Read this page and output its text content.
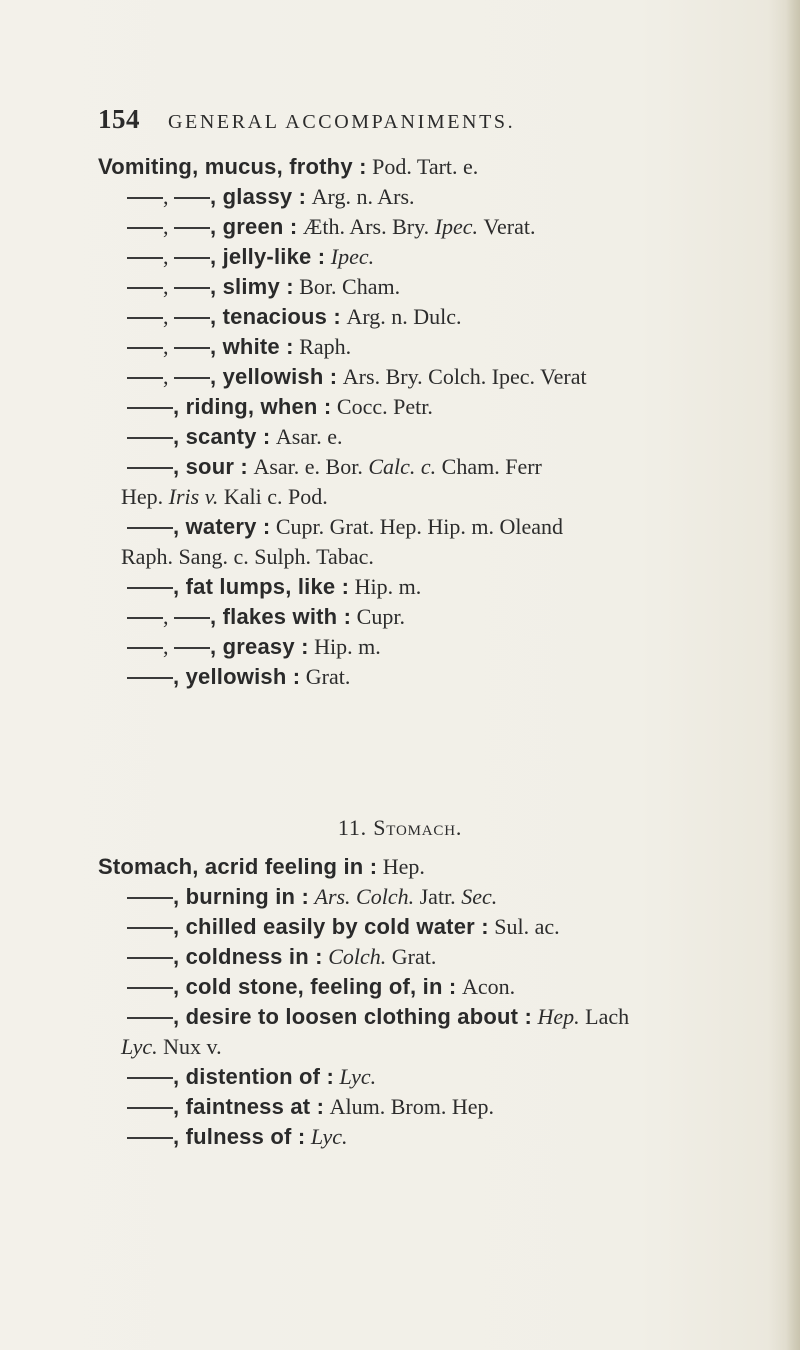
154 GENERAL ACCOMPANIMENTS.
Vomiting, mucus, frothy : Pod. Tart. e.
, , glassy : Arg. n. Ars.
, , green : Æth. Ars. Bry. Ipec. Verat.
, , jelly-like : Ipec.
, , slimy : Bor. Cham.
, , tenacious : Arg. n. Dulc.
, , white : Raph.
, , yellowish : Ars. Bry. Colch. Ipec. Verat
, riding, when : Cocc. Petr.
, scanty : Asar. e.
, sour : Asar. e. Bor. Calc. c. Cham. Ferr
Hep. Iris v. Kali c. Pod.
, watery : Cupr. Grat. Hep. Hip. m. Oleand
Raph. Sang. c. Sulph. Tabac.
, fat lumps, like : Hip. m.
, , flakes with : Cupr.
, , greasy : Hip. m.
, yellowish : Grat.
11. Stomach.
Stomach, acrid feeling in : Hep.
, burning in : Ars. Colch. Jatr. Sec.
, chilled easily by cold water : Sul. ac.
, coldness in : Colch. Grat.
, cold stone, feeling of, in : Acon.
, desire to loosen clothing about : Hep. Lach
Lyc. Nux v.
, distention of : Lyc.
, faintness at : Alum. Brom. Hep.
, fulness of : Lyc.
